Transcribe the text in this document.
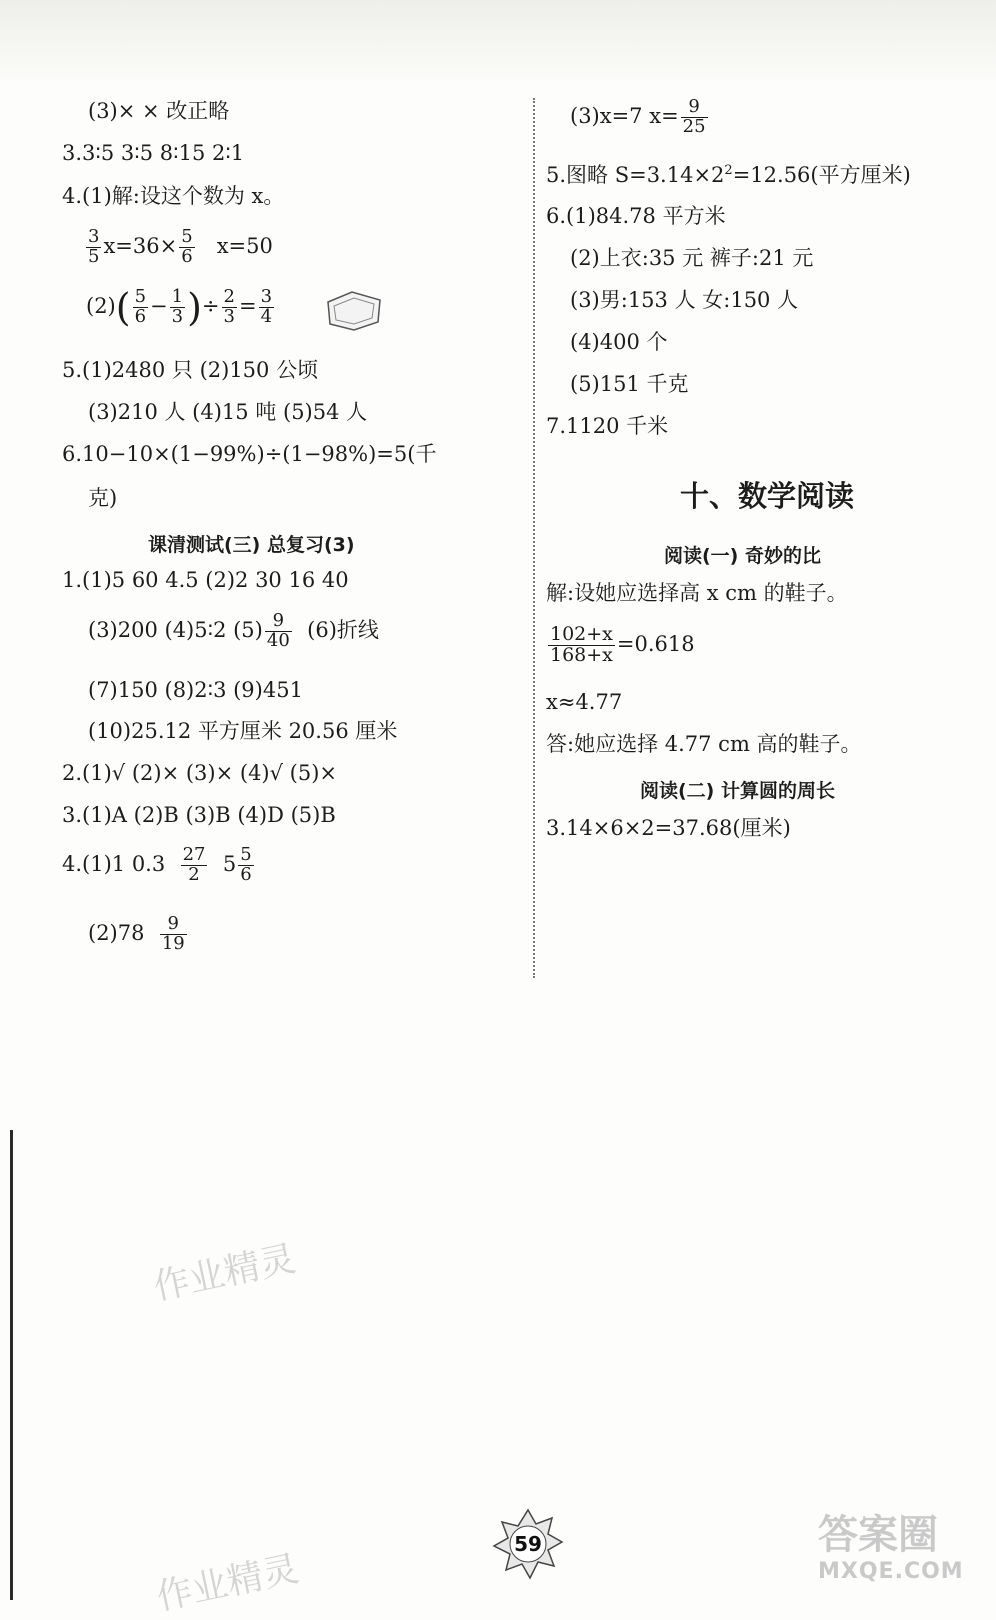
(3)× × 改正略
3.3∶5 3∶5 8∶15 2∶1
4.(1)解:设这个数为 x。
$\frac{3}{5} x=36\times \frac{5}{6} x=50$
$(2)( \frac{5}{6} - \frac{1}{3}$ )÷ $\frac{2}{3} = \frac{3}{4}$
5.(1)2480 只 (2)150 公顷
(3)210 人 (4)15 吨 (5)54 人
6.10−10×(1−99%)÷(1−98%)=5(千
克)
课清测试(三) 总复习(3)
1.(1)5 60 4.5 (2)2 30 16 40
(3)200 (4)5∶2 $(5) \frac{9}{40} (6)$折线
(7)150 (8)2∶3 (9)451
(10)25.12 平方厘米 20.56 厘米
2.(1)√ (2)× (3)× (4)√ (5)×
3.(1)A (2)B (3)B (4)D (5)B
4.(1)1 $0.3 \frac{27}{2} 5 \frac{5}{6}$
$(2)78 \frac{9}{19}$
(3)x=7 $x= \frac{9}{25}$
5.图略 $S=3.14\times 2^2=12.56$(平方厘米)
6.(1)84.78 平方米
(2)上衣:35 元 裤子:21 元
(3)男:153 人 女:150 人
(4)400 个
(5)151 千克
7.1120 千米
十、数学阅读
阅读(一) 奇妙的比
解:设她应选择高 x cm 的鞋子。
$\frac{102+x}{168+x} =0.618$
x≈4.77
答:她应选择 4.77 cm 高的鞋子。
阅读(二) 计算圆的周长
3.14×6×2=37.68(厘米)
作业精灵
作业精灵
59	答案圈
MXQE.COM
